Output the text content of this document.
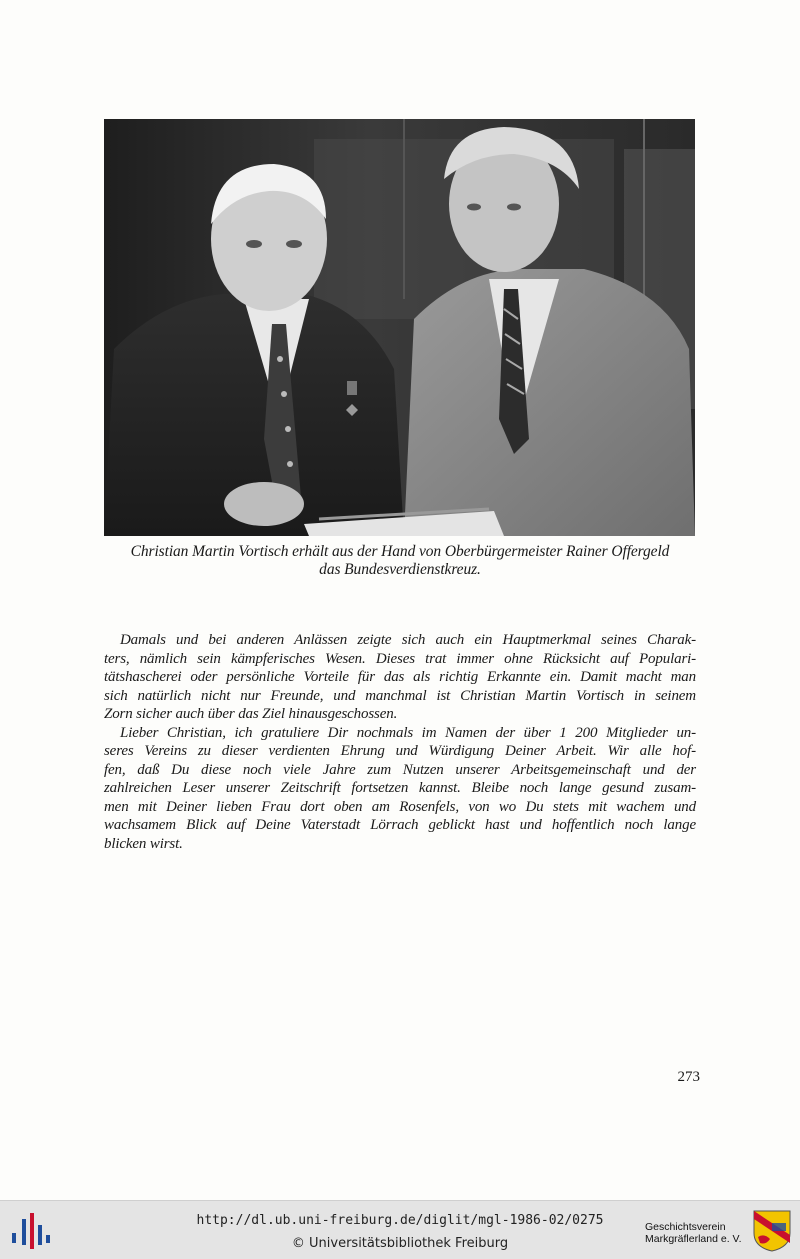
Christian Martin Vortisch erhält aus der Hand von Oberbürgermeister Rainer Offergeld
das Bundesverdienstkreuz.
Damals und bei anderen Anlässen zeigte sich auch ein Hauptmerkmal seines Charak-
ters, nämlich sein kämpferisches Wesen. Dieses trat immer ohne Rücksicht auf Populari-
tätshascherei oder persönliche Vorteile für das als richtig Erkannte ein. Damit macht man
sich natürlich nicht nur Freunde, und manchmal ist Christian Martin Vortisch in seinem
Zorn sicher auch über das Ziel hinausgeschossen.
Lieber Christian, ich gratuliere Dir nochmals im Namen der über 1 200 Mitglieder un-
seres Vereins zu dieser verdienten Ehrung und Würdigung Deiner Arbeit. Wir alle hof-
fen, daß Du diese noch viele Jahre zum Nutzen unserer Arbeitsgemeinschaft und der
zahlreichen Leser unserer Zeitschrift fortsetzen kannst. Bleibe noch lange gesund zusam-
men mit Deiner lieben Frau dort oben am Rosenfels, von wo Du stets mit wachem und
wachsamem Blick auf Deine Vaterstadt Lörrach geblickt hast und hoffentlich noch lange
blicken wirst.
273
http://dl.ub.uni-freiburg.de/diglit/mgl-1986-02/0275
© Universitätsbibliothek Freiburg
Geschichtsverein
Markgräflerland e. V.
